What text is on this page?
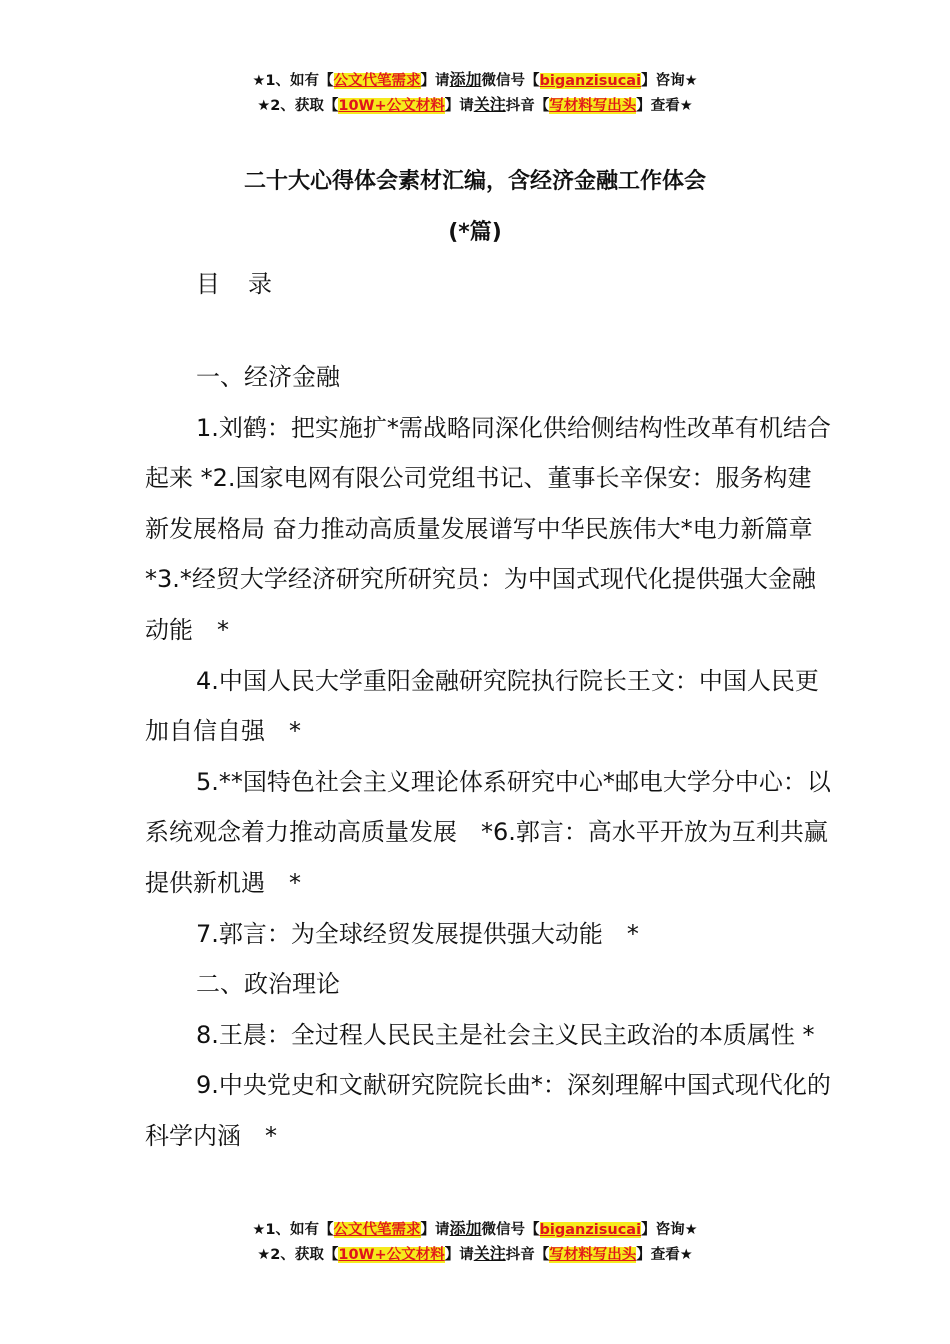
★1、如有【公文代笔需求】请添加微信号【biganzisucai】咨询★
★2、获取【10W+公文材料】请关注抖音【写材料写出头】查看★
二十大心得体会素材汇编，含经济金融工作体会
(*篇)
目　录

一、经济金融

1.刘鹤：把实施扩*需战略同深化供给侧结构性改革有机结合起来 *2.国家电网有限公司党组书记、董事长辛保安：服务构建新发展格局 奋力推动高质量发展谱写中华民族伟大*电力新篇章*3.*经贸大学经济研究所研究员：为中国式现代化提供强大金融动能　*

4.中国人民大学重阳金融研究院执行院长王文：中国人民更加自信自强　*

5.**国特色社会主义理论体系研究中心*邮电大学分中心：以系统观念着力推动高质量发展　*6.郭言：高水平开放为互利共赢提供新机遇　*

7.郭言：为全球经贸发展提供强大动能　*

二、政治理论

8.王晨：全过程人民民主是社会主义民主政治的本质属性 *

9.中央党史和文献研究院院长曲*：深刻理解中国式现代化的科学内涵　*

★1、如有【公文代笔需求】请添加微信号【biganzisucai】咨询★
★2、获取【10W+公文材料】请关注抖音【写材料写出头】查看★
